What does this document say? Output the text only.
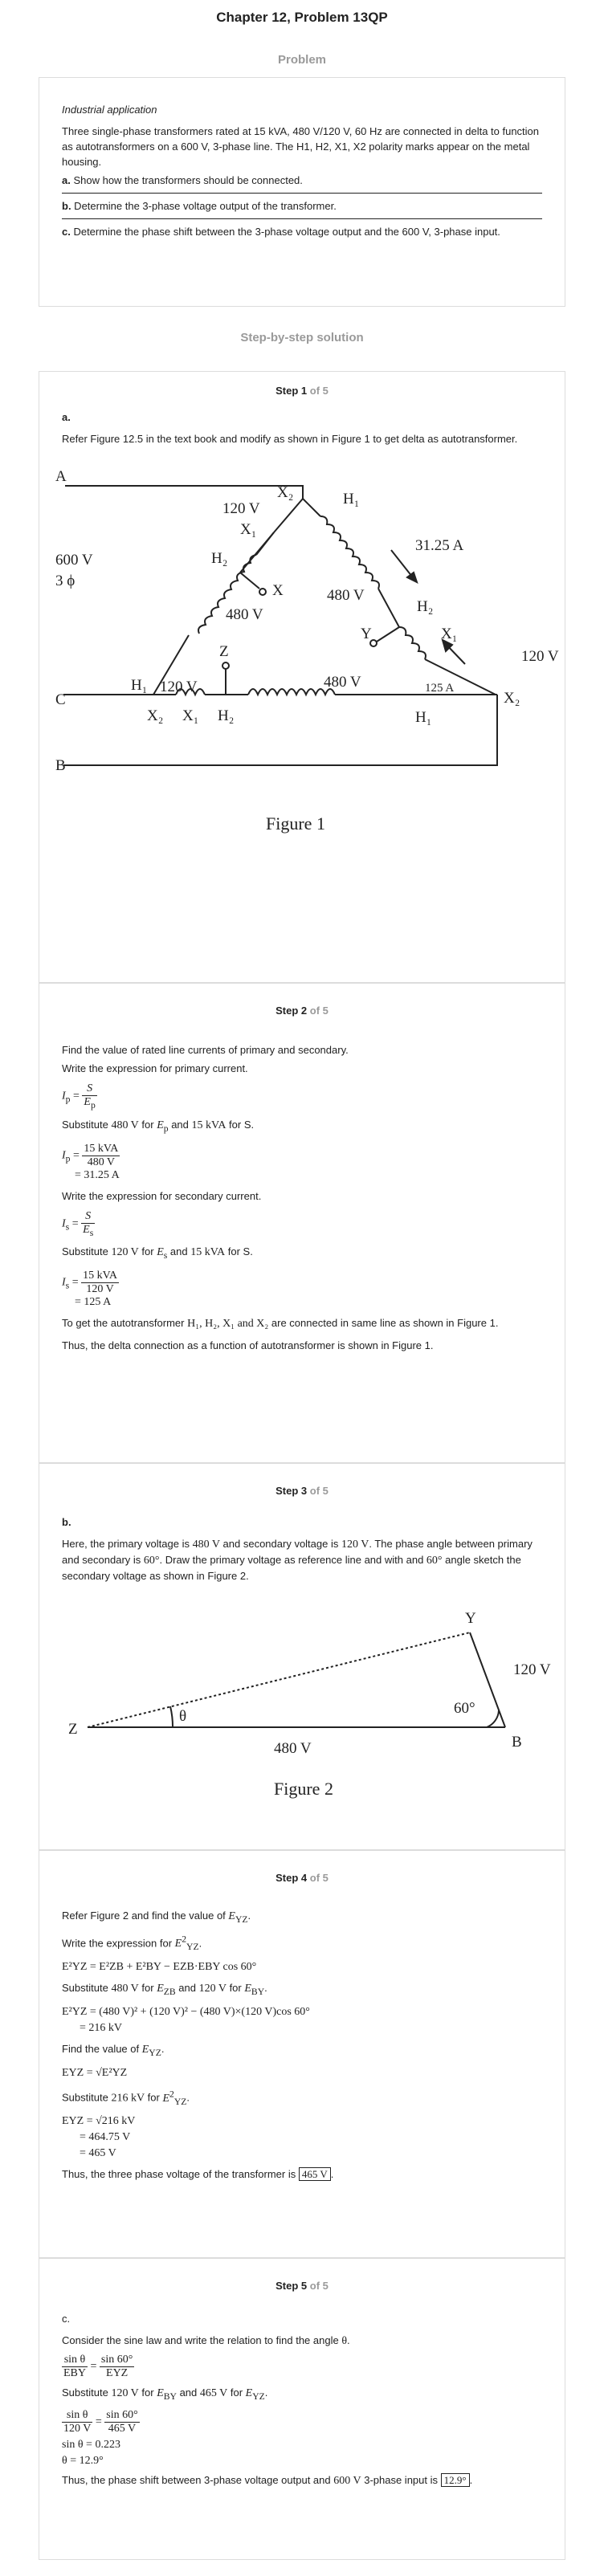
Chapter 12, Problem 13QP
Problem

Industrial application

Three single-phase transformers rated at 15 kVA, 480 V/120 V, 60 Hz are connected in delta to function as autotransformers on a 600 V, 3-phase line. The H1, H2, X1, X2 polarity marks appear on the metal housing.

a. Show how the transformers should be connected.
b. Determine the 3-phase voltage output of the transformer.
c. Determine the phase shift between the 3-phase voltage output and the 600 V, 3-phase input.
Step-by-step solution
Step 1 of 5

a.

Refer Figure 12.5 in the text book and modify as shown in Figure 1 to get delta as autotransformer.

A
C
B
600 V
3 ϕ
120 V
X₂
X₁
H₁
H₂
X
31.25 A
480 V
480 V	H₂
X₁
Y
120 V
X₂
Z
H₁ 120 V	480 V	125 A
X₂ X₁ H₂	H₁
Figure 1
Step 2 of 5

Find the value of rated line currents of primary and secondary.

Write the expression for primary current.

$I_p = \frac{S}{E_p}$

Substitute 480 V for $E_p$ and 15 kVA for S.

$I_p = \frac{\text{15 kVA}}{480 V}$
= 31.25 A

Write the expression for secondary current.

$I_s = \frac{S}{E_s}$

Substitute 120 V for $E_s$ and 15 kVA for S.

$I_s = \frac{\text{15 kVA}}{120 V}$
= 125 A

To get the autotransformer H₁, H₂, X₁ and X₂ are connected in same line as shown in Figure 1.

Thus, the delta connection as a function of autotransformer is shown in Figure 1.

Step 3 of 5

b.

Here, the primary voltage is 480 V and secondary voltage is 120 V. The phase angle between primary and secondary is 60°. Draw the primary voltage as reference line and with and 60° angle sketch the secondary voltage as shown in Figure 2.

Z
Y
B
θ	60°
120 V
480 V
Figure 2
Step 4 of 5

Refer Figure 2 and find the value of $E_{YZ}$.

Write the expression for $E^2_{YZ}$.

E²YZ = E²ZB + E²BY − EZB·EBY cos 60°

Substitute 480 V for $E_{ZB}$ and 120 V for $E_{BY}$.

E²YZ = (480 V)² + (120 V)² − (480 V)×(120 V)cos 60°
= 216 kV

Find the value of $E_{YZ}$.

EYZ = √E²YZ

Substitute 216 kV for $E^2_{YZ}$.

EYZ = √216 kV
= 464.75 V
= 465 V

Thus, the three phase voltage of the transformer is 465 V .

Step 5 of 5

c.

Consider the sine law and write the relation to find the angle θ.

$\frac{\text{sin θ}}{\text{EBY}} = \frac{\sin 60^\circ}{\text{EYZ}}$

Substitute 120 V for $E_{BY}$ and 465 V for $E_{YZ}$.

$\frac{\text{sin θ}}{120 V} = \frac{\sin 60^\circ}{465 V}$
sin θ = 0.223
θ = 12.9°

Thus, the phase shift between 3-phase voltage output and 600 V 3-phase input is 12.9° .
